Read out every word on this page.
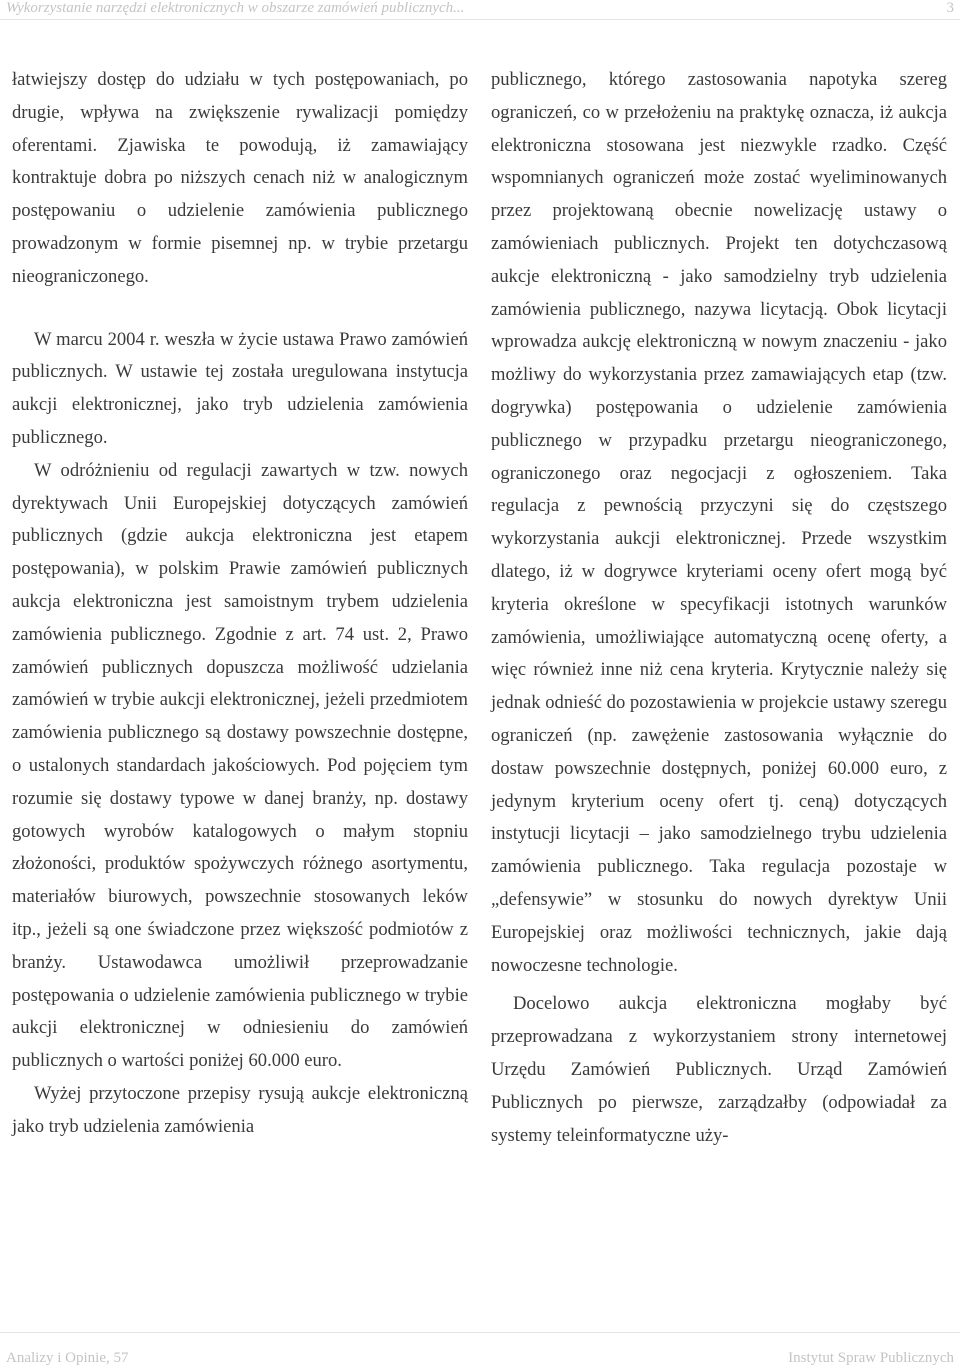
Wykorzystanie narzędzi elektronicznych w obszarze zamówień publicznych...	3

łatwiejszy dostęp do udziału w tych postępowaniach, po drugie, wpływa na zwiększenie rywalizacji pomiędzy oferentami. Zjawiska te powodują, iż zamawiający kontraktuje dobra po niższych cenach niż w analogicznym postępowaniu o udzielenie zamówienia publicznego prowadzonym w formie pisemnej np. w trybie przetargu nieograniczonego.

W marcu 2004 r. weszła w życie ustawa Prawo zamówień publicznych. W ustawie tej została uregulowana instytucja aukcji elektronicznej, jako tryb udzielenia zamówienia publicznego.

W odróżnieniu od regulacji zawartych w tzw. nowych dyrektywach Unii Europejskiej dotyczących zamówień publicznych (gdzie aukcja elektroniczna jest etapem postępowania), w polskim Prawie zamówień publicznych aukcja elektroniczna jest samoistnym trybem udzielenia zamówienia publicznego. Zgodnie z art. 74 ust. 2, Prawo zamówień publicznych dopuszcza możliwość udzielania zamówień w trybie aukcji elektronicznej, jeżeli przedmiotem zamówienia publicznego są dostawy powszechnie dostępne, o ustalonych standardach jakościowych. Pod pojęciem tym rozumie się dostawy typowe w danej branży, np. dostawy gotowych wyrobów katalogowych o małym stopniu złożoności, produktów spożywczych różnego asortymentu, materiałów biurowych, powszechnie stosowanych leków itp., jeżeli są one świadczone przez większość podmiotów z branży. Ustawodawca umożliwił przeprowadzanie postępowania o udzielenie zamówienia publicznego w trybie aukcji elektronicznej w odniesieniu do zamówień publicznych o wartości poniżej 60.000 euro.

Wyżej przytoczone przepisy rysują aukcje elektroniczną jako tryb udzielenia zamówienia

publicznego, którego zastosowania napotyka szereg ograniczeń, co w przełożeniu na praktykę oznacza, iż aukcja elektroniczna stosowana jest niezwykle rzadko. Część wspomnianych ograniczeń może zostać wyeliminowanych przez projektowaną obecnie nowelizację ustawy o zamówieniach publicznych. Projekt ten dotychczasową aukcje elektroniczną - jako samodzielny tryb udzielenia zamówienia publicznego, nazywa licytacją. Obok licytacji wprowadza aukcję elektroniczną w nowym znaczeniu - jako możliwy do wykorzystania przez zamawiających etap (tzw. dogrywka) postępowania o udzielenie zamówienia publicznego w przypadku przetargu nieograniczonego, ograniczonego oraz negocjacji z ogłoszeniem. Taka regulacja z pewnością przyczyni się do częstszego wykorzystania aukcji elektronicznej. Przede wszystkim dlatego, iż w dogrywce kryteriami oceny ofert mogą być kryteria określone w specyfikacji istotnych warunków zamówienia, umożliwiające automatyczną ocenę oferty, a więc również inne niż cena kryteria. Krytycznie należy się jednak odnieść do pozostawienia w projekcie ustawy szeregu ograniczeń (np. zawężenie zastosowania wyłącznie do dostaw powszechnie dostępnych, poniżej 60.000 euro, z jedynym kryterium oceny ofert tj. ceną) dotyczących instytucji licytacji – jako samodzielnego trybu udzielenia zamówienia publicznego. Taka regulacja pozostaje w „defensywie” w stosunku do nowych dyrektyw Unii Europejskiej oraz możliwości technicznych, jakie dają nowoczesne technologie.

Docelowo aukcja elektroniczna mogłaby być przeprowadzana z wykorzystaniem strony internetowej Urzędu Zamówień Publicznych. Urząd Zamówień Publicznych po pierwsze, zarządzałby (odpowiadał za systemy teleinformatyczne uży-

Analizy i Opinie, 57	Instytut Spraw Publicznych
